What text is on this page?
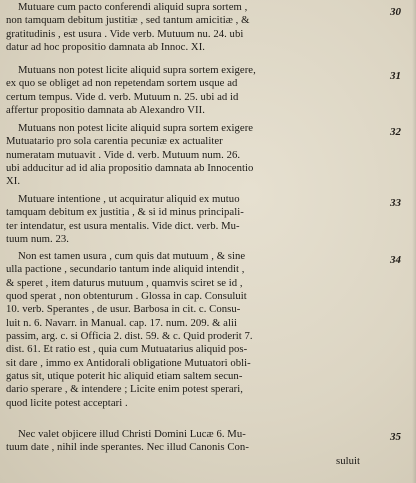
Mutuare cum pacto conferendi aliquid supra sortem ,
non tamquam debitum justitiæ , sed tantum amicitiæ , &
gratitudinis , est usura . Vide verb. Mutuum nu. 24. ubi
datur ad hoc propositio damnata ab Innoc. XI.
30
Mutuans non potest licite aliquid supra sortem exigere,
ex quo se obliget ad non repetendam sortem usque ad
certum tempus. Vide d. verb. Mutuum n. 25. ubi ad id
affertur propositio damnata ab Alexandro VII.
31
Mutuans non potest licite aliquid supra sortem exigere
Mutuatario pro sola carentia pecuniæ ex actualiter
numeratam mutuavit . Vide d. verb. Mutuum num. 26.
ubi adducitur ad id alia propositio damnata ab Innocentio
XI.
32
Mutuare intentione , ut acquiratur aliquid ex mutuo
tamquam debitum ex justitia , & si id minus principali-
ter intendatur, est usura mentalis. Vide dict. verb. Mu-
tuum num. 23.
33
Non est tamen usura , cum quis dat mutuum , & sine
ulla pactione , secundario tantum inde aliquid intendit ,
& speret , item daturus mutuum , quamvis sciret se id ,
quod sperat , non obtenturum . Glossa in cap. Consuluit
10. verb. Sperantes , de usur. Barbosa in cit. c. Consu-
luit n. 6. Navarr. in Manual. cap. 17. num. 209. & alii
passim, arg. c. si Officia 2. dist. 59. & c. Quid proderit 7.
dist. 61. Et ratio est , quia cum Mutuatarius aliquid pos-
sit dare , immo ex Antidorali obligatione Mutuatori obli-
gatus sit, utique poterit hic aliquid etiam saltem secun-
dario sperare , & intendere ; Licite enim potest sperari,
quod licite potest acceptari .
34
Nec valet objicere illud Christi Domini Lucæ 6. Mu-
tuum date , nihil inde sperantes. Nec illud Canonis Con-
suluit
35
